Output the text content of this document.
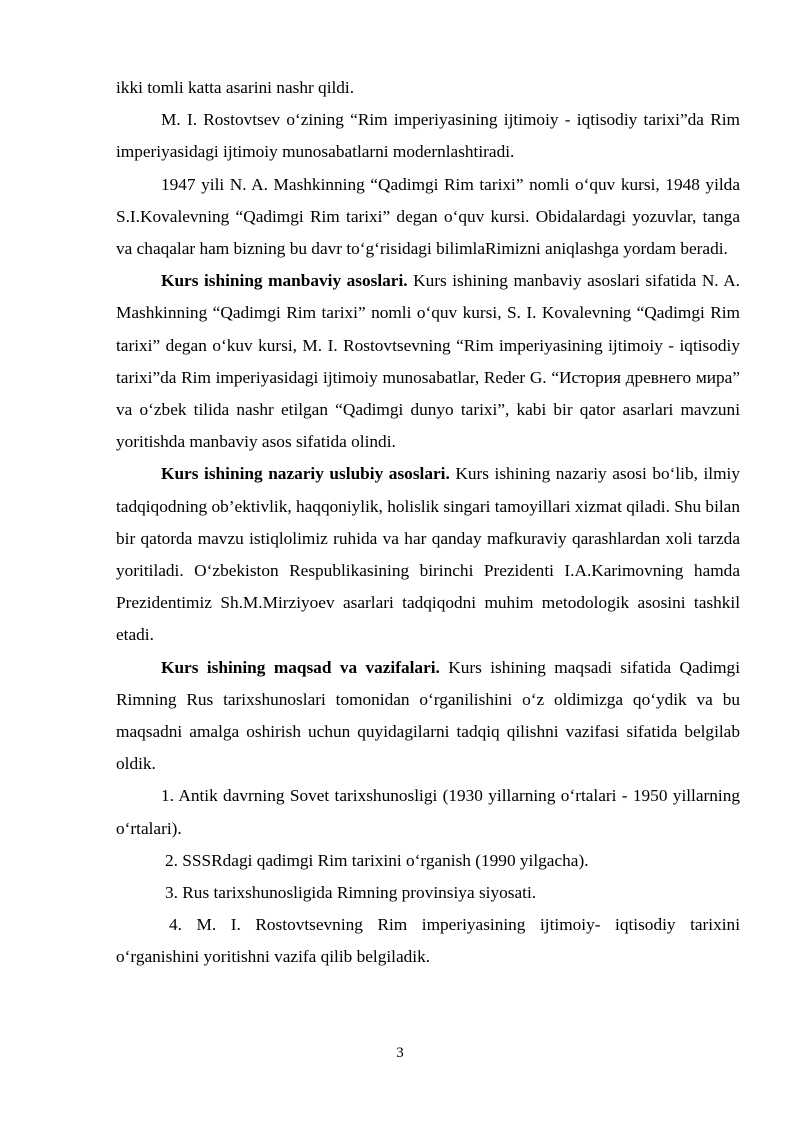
ikki tomli katta asarini nashr qildi.

M. I. Rostovtsev o‘zining “Rim imperiyasining ijtimoiy - iqtisodiy tarixi”da Rim imperiyasidagi ijtimoiy munosabatlarni modernlashtiradi.

1947 yili N. A. Mashkinning “Qadimgi Rim tarixi” nomli o‘quv kursi, 1948 yilda S.I.Kovalevning “Qadimgi Rim tarixi” degan o‘quv kursi. Obidalardagi yozuvlar, tanga va chaqalar ham bizning bu davr to‘g‘risidagi bilimlaRimizni aniqlashga yordam beradi.

Kurs ishining manbaviy asoslari. Kurs ishining manbaviy asoslari sifatida N. A. Mashkinning “Qadimgi Rim tarixi” nomli o‘quv kursi, S. I. Kovalevning “Qadimgi Rim tarixi” degan o‘kuv kursi, M. I. Rostovtsevning “Rim imperiyasining ijtimoiy - iqtisodiy tarixi”da Rim imperiyasidagi ijtimoiy munosabatlar, Reder G. “История древнего мира” va o‘zbek tilida nashr etilgan “Qadimgi dunyo tarixi”, kabi bir qator asarlari mavzuni yoritishda manbaviy asos sifatida olindi.

Kurs ishining nazariy uslubiy asoslari. Kurs ishining nazariy asosi bo‘lib, ilmiy tadqiqodning ob’ektivlik, haqqoniylik, holislik singari tamoyillari xizmat qiladi. Shu bilan bir qatorda mavzu istiqlolimiz ruhida va har qanday mafkuraviy qarashlardan xoli tarzda yoritiladi. O‘zbekiston Respublikasining birinchi Prezidenti I.A.Karimovning hamda Prezidentimiz Sh.M.Mirziyoev asarlari tadqiqodni muhim metodologik asosini tashkil etadi.

Kurs ishining maqsad va vazifalari. Kurs ishining maqsadi sifatida Qadimgi Rimning Rus tarixshunoslari tomonidan o‘rganilishini o‘z oldimizga qo‘ydik va bu maqsadni amalga oshirish uchun quyidagilarni tadqiq qilishni vazifasi sifatida belgilab oldik.

1. Antik davrning Sovet tarixshunosligi (1930 yillarning o‘rtalari - 1950 yillarning o‘rtalari).

2. SSSRdagi qadimgi Rim tarixini o‘rganish (1990 yilgacha).

3. Rus tarixshunosligida Rimning provinsiya siyosati.

4. M. I. Rostovtsevning Rim imperiyasining ijtimoiy- iqtisodiy tarixini o‘rganishini yoritishni vazifa qilib belgiladik.

3
